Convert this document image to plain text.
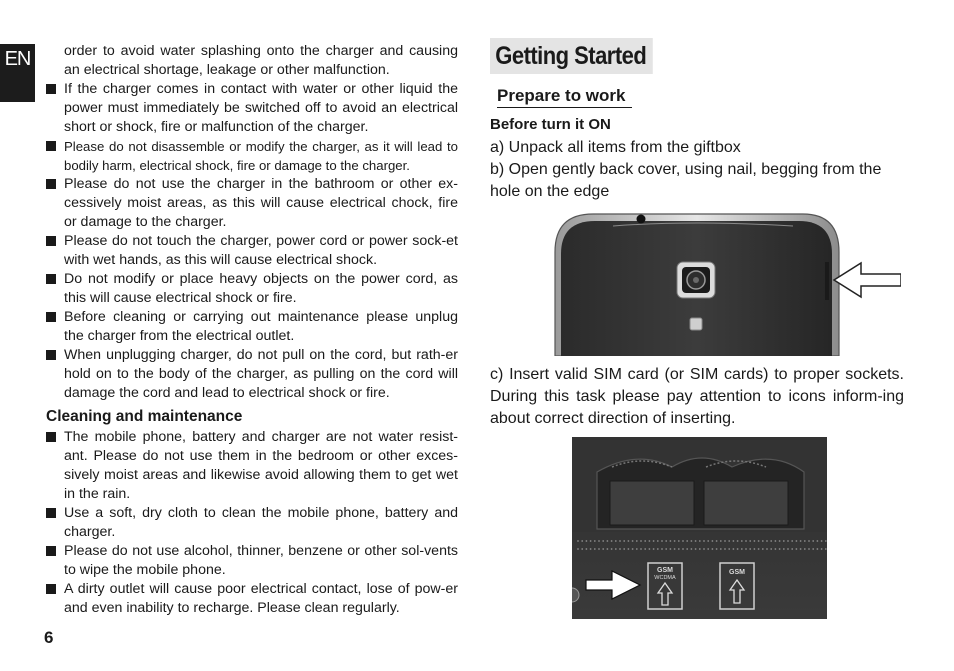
EN	order to avoid water splashing onto the charger and causing an electrical shortage, leakage or other malfunction.

If the charger comes in contact with water or other liquid the power must immediately be switched off to avoid an electrical short or shock, fire or malfunction of the charger.

Please do not disassemble or modify the charger, as it will lead to bodily harm, electrical shock, fire or damage to the charger.

Please do not use the charger in the bathroom or other ex-cessively moist areas, as this will cause electrical chock, fire or damage to the charger.

Please do not touch the charger, power cord or power sock-et with wet hands, as this will cause electrical shock.

Do not modify or place heavy objects on the power cord, as this will cause electrical shock or fire.

Before cleaning or carrying out maintenance please unplug the charger from the electrical outlet.

When unplugging charger, do not pull on the cord, but rath-er hold on to the body of the charger, as pulling on the cord will damage the cord and lead to electrical shock or fire.

Cleaning and maintenance

The mobile phone, battery and charger are not water resist-ant. Please do not use them in the bedroom or other exces-sively moist areas and likewise avoid allowing them to get wet in the rain.

Use a soft, dry cloth to clean the mobile phone, battery and charger.

Please do not use alcohol, thinner, benzene or other sol-vents to wipe the mobile phone.

A dirty outlet will cause poor electrical contact, lose of pow-er and even inability to recharge. Please clean regularly.

6
Getting Started
Prepare to work
Before turn it ON
a) Unpack all items from the giftbox
b) Open gently back cover, using nail, begging from the hole on the edge
c) Insert valid SIM card (or SIM cards) to proper sockets. During this task please pay attention to icons inform-ing about correct direction of inserting.
GSM
WCDMA
GSM
